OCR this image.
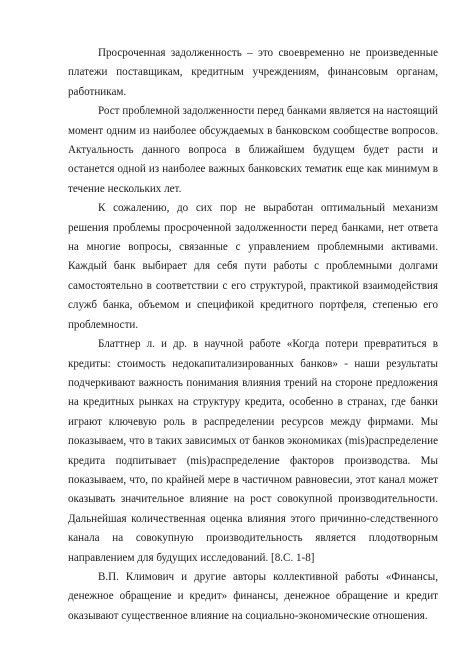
Просроченная задолженность – это своевременно не произведенные платежи поставщикам, кредитным учреждениям, финансовым органам, работникам.

Рост проблемной задолженности перед банками является на настоящий момент одним из наиболее обсуждаемых в банковском сообществе вопросов. Актуальность данного вопроса в ближайшем будущем будет расти и останется одной из наиболее важных банковских тематик еще как минимум в течение нескольких лет.

К сожалению, до сих пор не выработан оптимальный механизм решения проблемы просроченной задолженности перед банками, нет ответа на многие вопросы, связанные с управлением проблемными активами. Каждый банк выбирает для себя пути работы с проблемными долгами самостоятельно в соответствии с его структурой, практикой взаимодействия служб банка, объемом и спецификой кредитного портфеля, степенью его проблемности.

Блаттнер л. и др. в научной работе «Когда потери превратиться в кредиты: стоимость недокапитализированных банков» - наши результаты подчеркивают важность понимания влияния трений на стороне предложения на кредитных рынках на структуру кредита, особенно в странах, где банки играют ключевую роль в распределении ресурсов между фирмами. Мы показываем, что в таких зависимых от банков экономиках (mis)распределение кредита подпитывает (mis)распределение факторов производства. Мы показываем, что, по крайней мере в частичном равновесии, этот канал может оказывать значительное влияние на рост совокупной производительности. Дальнейшая количественная оценка влияния этого причинно-следственного канала на совокупную производительность является плодотворным направлением для будущих исследований. [8.С. 1-8]

В.П. Климович и другие авторы коллективной работы «Финансы, денежное обращение и кредит» финансы, денежное обращение и кредит оказывают существенное влияние на социально-экономические отношения.
